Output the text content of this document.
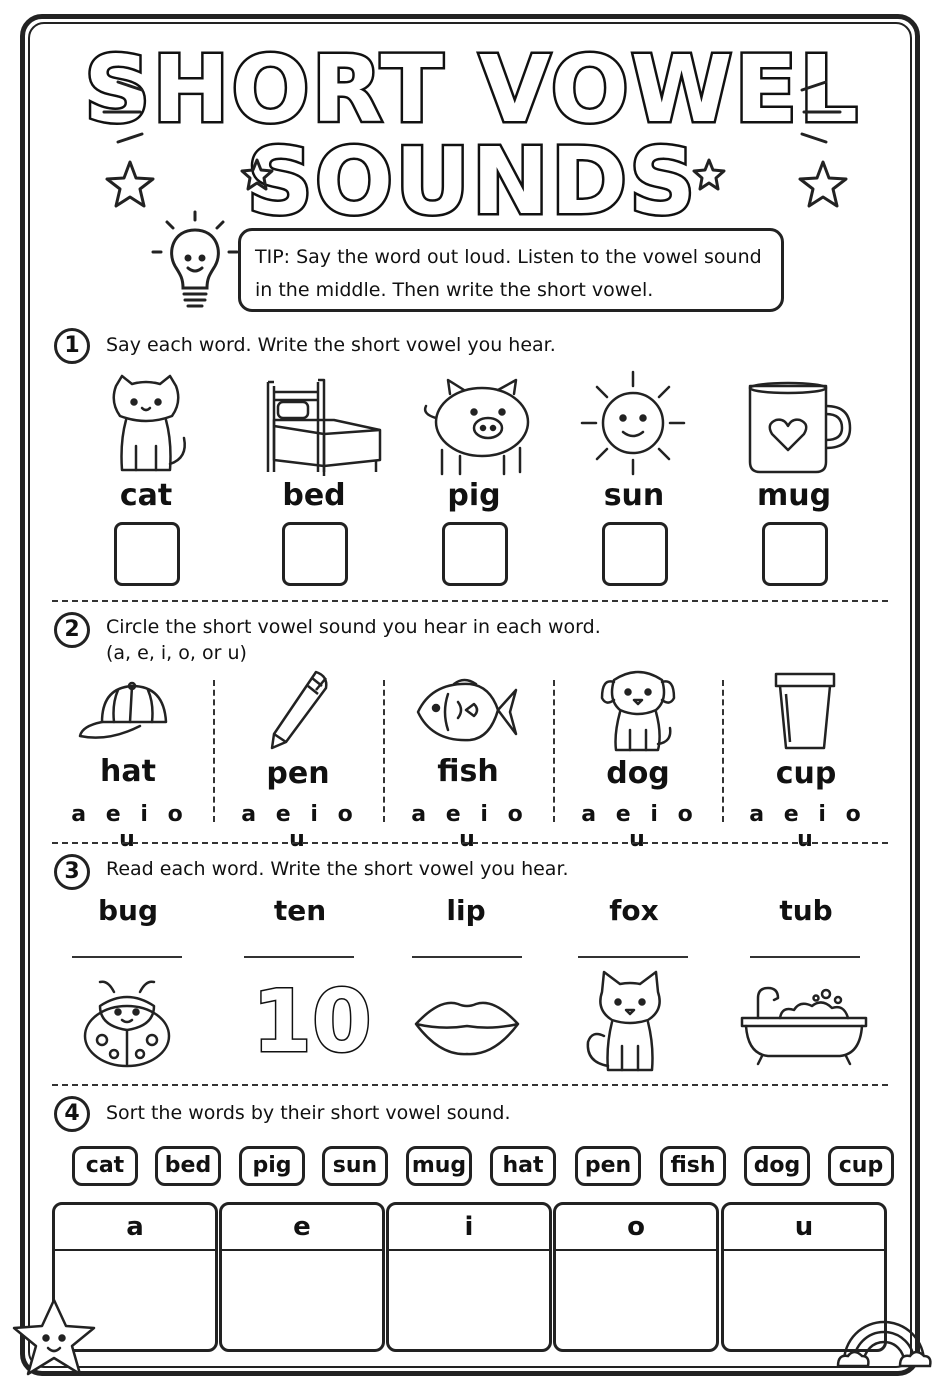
SHORT VOWEL
SOUNDS
TIP: Say the word out loud. Listen to the vowel sound
in the middle. Then write the short vowel.
1	Say each word. Write the short vowel you hear.
cat	bed	pig	sun	mug
2	Circle the short vowel sound you hear in each word.
(a, e, i, o, or u)
hat	pen	fish	dog	cup
a e i o u
a e i o u
a e i o u
a e i o u
a e i o u
3	Read each word. Write the short vowel you hear.
bug	ten	lip	fox	tub
10
4	Sort the words by their short vowel sound.
cat	bed	pig	sun	mug	hat	pen	fish	dog	cup
a	e	i	o	u
